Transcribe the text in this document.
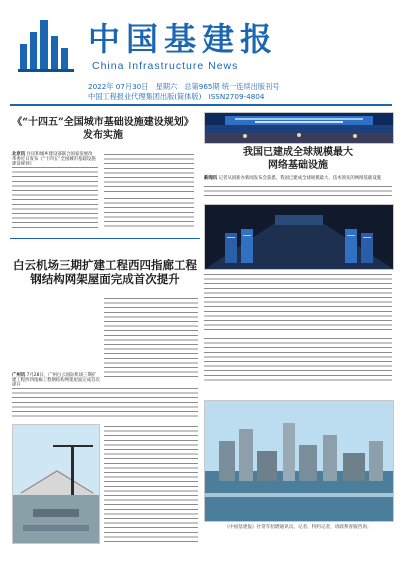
中国基建报
China Infrastructure News
2022年 07月30日　星期六　总第965期 统一连续出版刊号
中国工程报业代理集团出版(简体版)　ISSN2709-4804
《“十四五”全国城市基础设施建设规划》
发布实施
北京讯 住房和城乡建设部联合国家发展改革委近日发布《“十四五”全国城市基础设施
我国已建成全球规模最大
网络基础设施
新闻讯 记者从国新办新闻发布会获悉，我国已建成全球规模最大、技术领先的网络基础设施
白云机场三期扩建工程西四指廊工程
钢结构网架屋面完成首次提升
广州讯 7月28日，广州白云国际机场三期扩建工程西四指廊工程钢结构网架屋面完成首次
《中国基建报》社常年招聘通讯员、记者、特约记者，请联系客服咨询。
